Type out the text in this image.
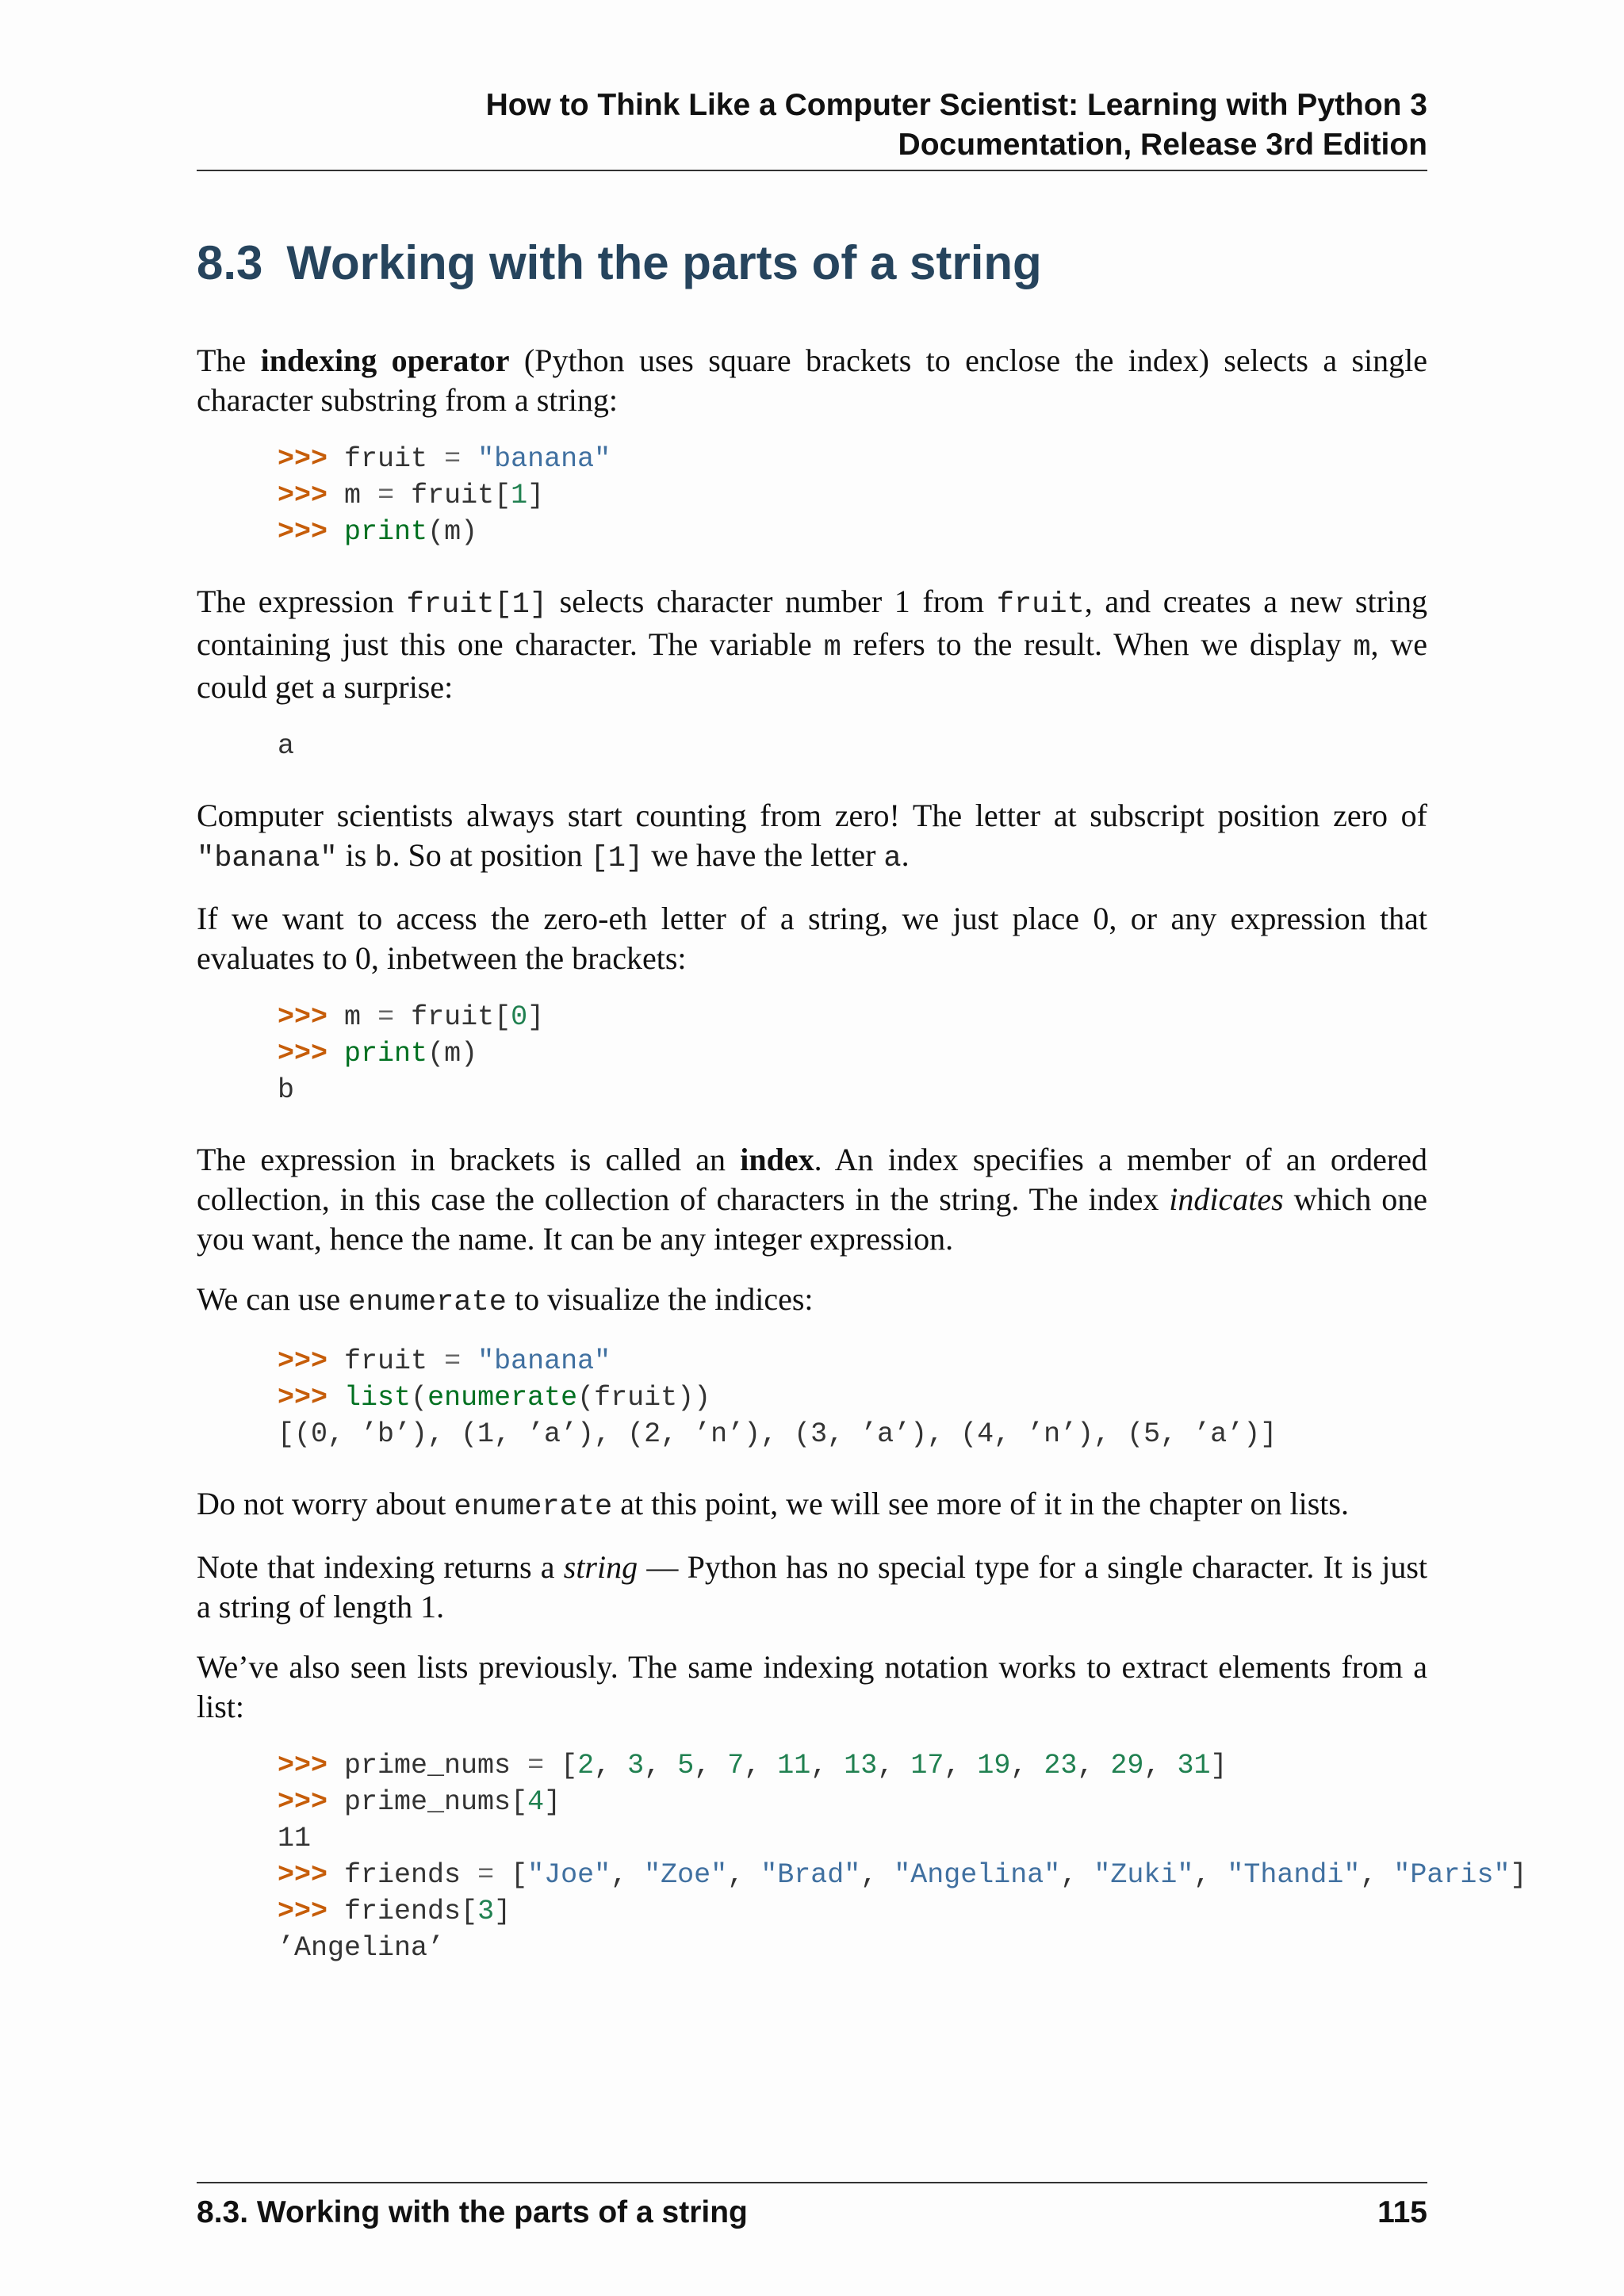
How to Think Like a Computer Scientist: Learning with Python 3
Documentation, Release 3rd Edition
8.3 Working with the parts of a string

The indexing operator (Python uses square brackets to enclose the index) selects a single character substring from a string:

>>> fruit = "banana"
>>> m = fruit[1]
>>> print(m)

The expression fruit[1] selects character number 1 from fruit, and creates a new string containing just this one character. The variable m refers to the result. When we display m, we could get a surprise:

a

Computer scientists always start counting from zero! The letter at subscript position zero of "banana" is b. So at position [1] we have the letter a.

If we want to access the zero-eth letter of a string, we just place 0, or any expression that evaluates to 0, inbetween the brackets:

>>> m = fruit[0]
>>> print(m)

b

The expression in brackets is called an index. An index specifies a member of an ordered collection, in this case the collection of characters in the string. The index indicates which one you want, hence the name. It can be any integer expression.

We can use enumerate to visualize the indices:

>>> fruit = "banana"
>>> list(enumerate(fruit))

[(0, ’b’), (1, ’a’), (2, ’n’), (3, ’a’), (4, ’n’), (5, ’a’)]

Do not worry about enumerate at this point, we will see more of it in the chapter on lists.

Note that indexing returns a string — Python has no special type for a single character. It is just a string of length 1.

We’ve also seen lists previously. The same indexing notation works to extract elements from a list:

>>> prime_nums = [2, 3, 5, 7, 11, 13, 17, 19, 23, 29, 31]
>>> prime_nums[4]

11
>>> friends = ["Joe", "Zoe", "Brad", "Angelina", "Zuki", "Thandi", "Paris"]
>>> friends[3]

’Angelina’
8.3. Working with the parts of a string	115
